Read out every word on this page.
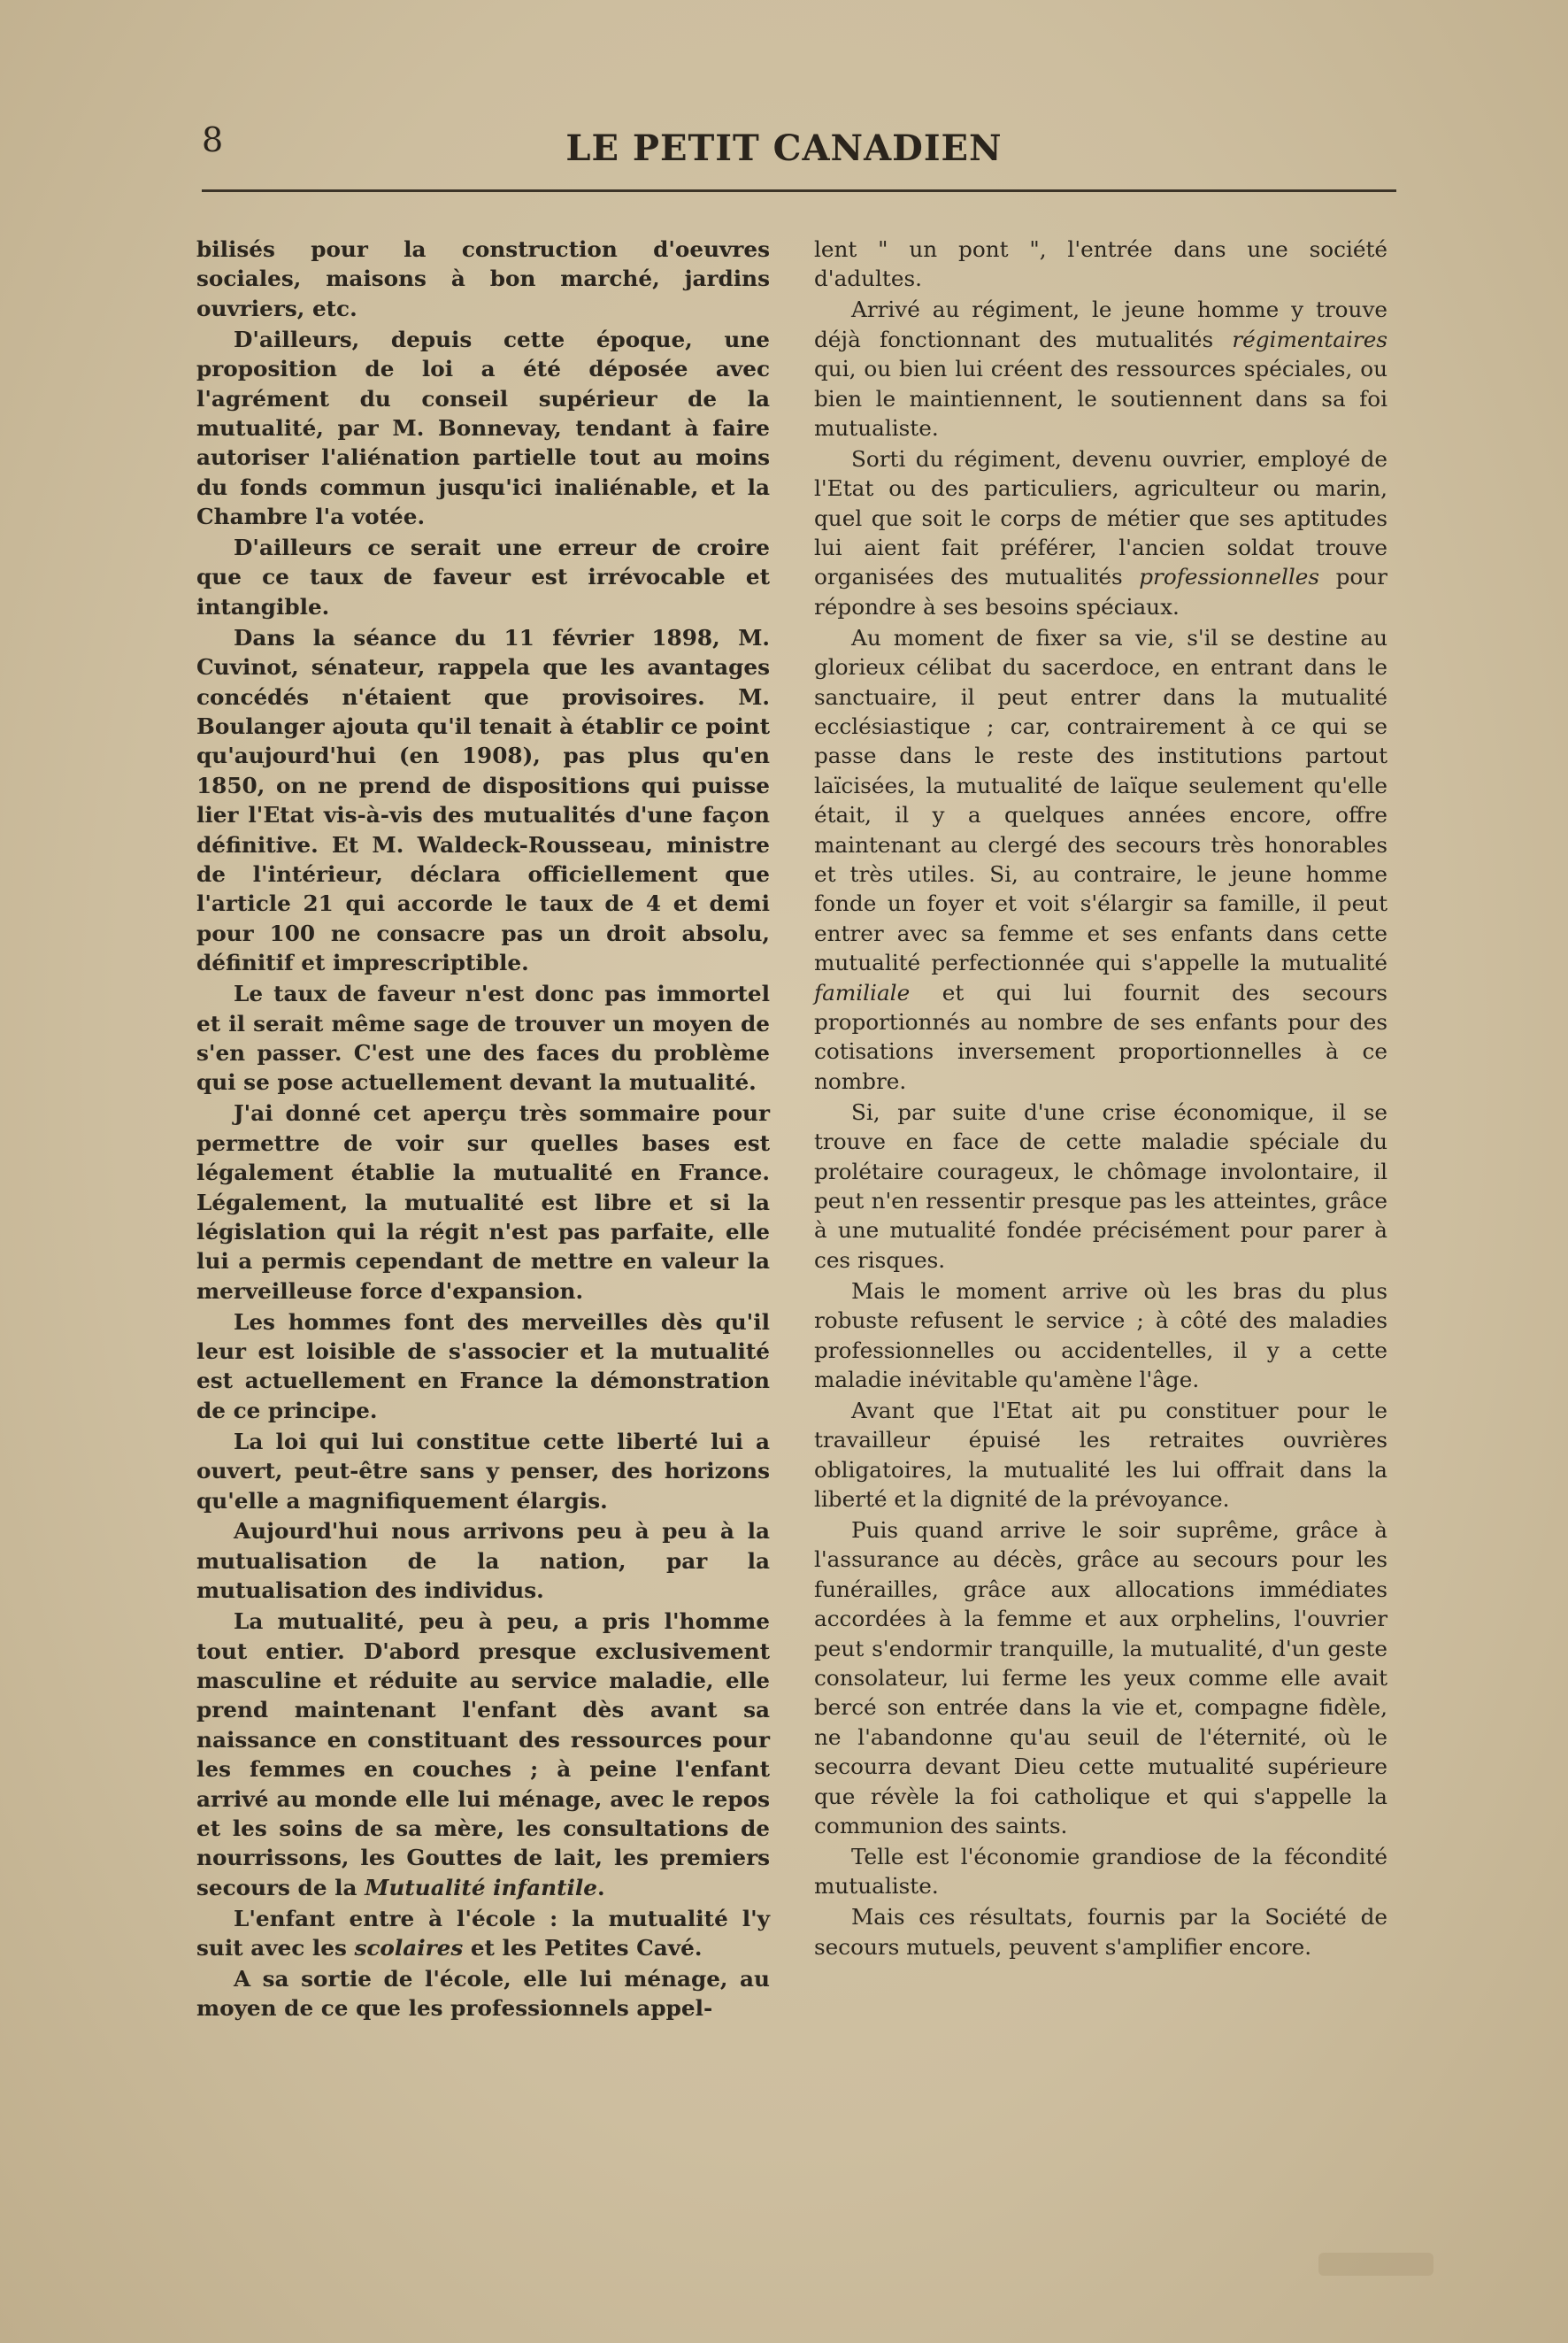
8	LE PETIT CANADIEN

bilisés pour la construction d'oeuvres sociales, maisons à bon marché, jardins ouvriers, etc.

D'ailleurs, depuis cette époque, une proposition de loi a été déposée avec l'agrément du conseil supérieur de la mutualité, par M. Bonnevay, tendant à faire autoriser l'aliénation partielle tout au moins du fonds commun jusqu'ici inaliénable, et la Chambre l'a votée.

D'ailleurs ce serait une erreur de croire que ce taux de faveur est irrévocable et intangible.

Dans la séance du 11 février 1898, M. Cuvinot, sénateur, rappela que les avantages concédés n'étaient que provisoires. M. Boulanger ajouta qu'il tenait à établir ce point qu'aujourd'hui (en 1908), pas plus qu'en 1850, on ne prend de dispositions qui puisse lier l'Etat vis-à-vis des mutualités d'une façon définitive. Et M. Waldeck-Rousseau, ministre de l'intérieur, déclara officiellement que l'article 21 qui accorde le taux de 4 et demi pour 100 ne consacre pas un droit absolu, définitif et imprescriptible.

Le taux de faveur n'est donc pas immortel et il serait même sage de trouver un moyen de s'en passer. C'est une des faces du problème qui se pose actuellement devant la mutualité.

J'ai donné cet aperçu très sommaire pour permettre de voir sur quelles bases est légalement établie la mutualité en France. Légalement, la mutualité est libre et si la législation qui la régit n'est pas parfaite, elle lui a permis cependant de mettre en valeur la merveilleuse force d'expansion.

Les hommes font des merveilles dès qu'il leur est loisible de s'associer et la mutualité est actuellement en France la démonstration de ce principe.

La loi qui lui constitue cette liberté lui a ouvert, peut-être sans y penser, des horizons qu'elle a magnifiquement élargis.

Aujourd'hui nous arrivons peu à peu à la mutualisation de la nation, par la mutualisation des individus.

La mutualité, peu à peu, a pris l'homme tout entier. D'abord presque exclusivement masculine et réduite au service maladie, elle prend maintenant l'enfant dès avant sa naissance en constituant des ressources pour les femmes en couches ; à peine l'enfant arrivé au monde elle lui ménage, avec le repos et les soins de sa mère, les consultations de nourrissons, les Gouttes de lait, les premiers secours de la Mutualité infantile.

L'enfant entre à l'école : la mutualité l'y suit avec les scolaires et les Petites Cavé.

A sa sortie de l'école, elle lui ménage, au moyen de ce que les professionnels appel-

lent " un pont ", l'entrée dans une société d'adultes.

Arrivé au régiment, le jeune homme y trouve déjà fonctionnant des mutualités régimentaires qui, ou bien lui créent des ressources spéciales, ou bien le maintiennent, le soutiennent dans sa foi mutualiste.

Sorti du régiment, devenu ouvrier, employé de l'Etat ou des particuliers, agriculteur ou marin, quel que soit le corps de métier que ses aptitudes lui aient fait préférer, l'ancien soldat trouve organisées des mutualités professionnelles pour répondre à ses besoins spéciaux.

Au moment de fixer sa vie, s'il se destine au glorieux célibat du sacerdoce, en entrant dans le sanctuaire, il peut entrer dans la mutualité ecclésiastique ; car, contrairement à ce qui se passe dans le reste des institutions partout laïcisées, la mutualité de laïque seulement qu'elle était, il y a quelques années encore, offre maintenant au clergé des secours très honorables et très utiles. Si, au contraire, le jeune homme fonde un foyer et voit s'élargir sa famille, il peut entrer avec sa femme et ses enfants dans cette mutualité perfectionnée qui s'appelle la mutualité familiale et qui lui fournit des secours proportionnés au nombre de ses enfants pour des cotisations inversement proportionnelles à ce nombre.

Si, par suite d'une crise économique, il se trouve en face de cette maladie spéciale du prolétaire courageux, le chômage involontaire, il peut n'en ressentir presque pas les atteintes, grâce à une mutualité fondée précisément pour parer à ces risques.

Mais le moment arrive où les bras du plus robuste refusent le service ; à côté des maladies professionnelles ou accidentelles, il y a cette maladie inévitable qu'amène l'âge.

Avant que l'Etat ait pu constituer pour le travailleur épuisé les retraites ouvrières obligatoires, la mutualité les lui offrait dans la liberté et la dignité de la prévoyance.

Puis quand arrive le soir suprême, grâce à l'assurance au décès, grâce au secours pour les funérailles, grâce aux allocations immédiates accordées à la femme et aux orphelins, l'ouvrier peut s'endormir tranquille, la mutualité, d'un geste consolateur, lui ferme les yeux comme elle avait bercé son entrée dans la vie et, compagne fidèle, ne l'abandonne qu'au seuil de l'éternité, où le secourra devant Dieu cette mutualité supérieure que révèle la foi catholique et qui s'appelle la communion des saints.

Telle est l'économie grandiose de la fécondité mutualiste.

Mais ces résultats, fournis par la Société de secours mutuels, peuvent s'amplifier encore.
